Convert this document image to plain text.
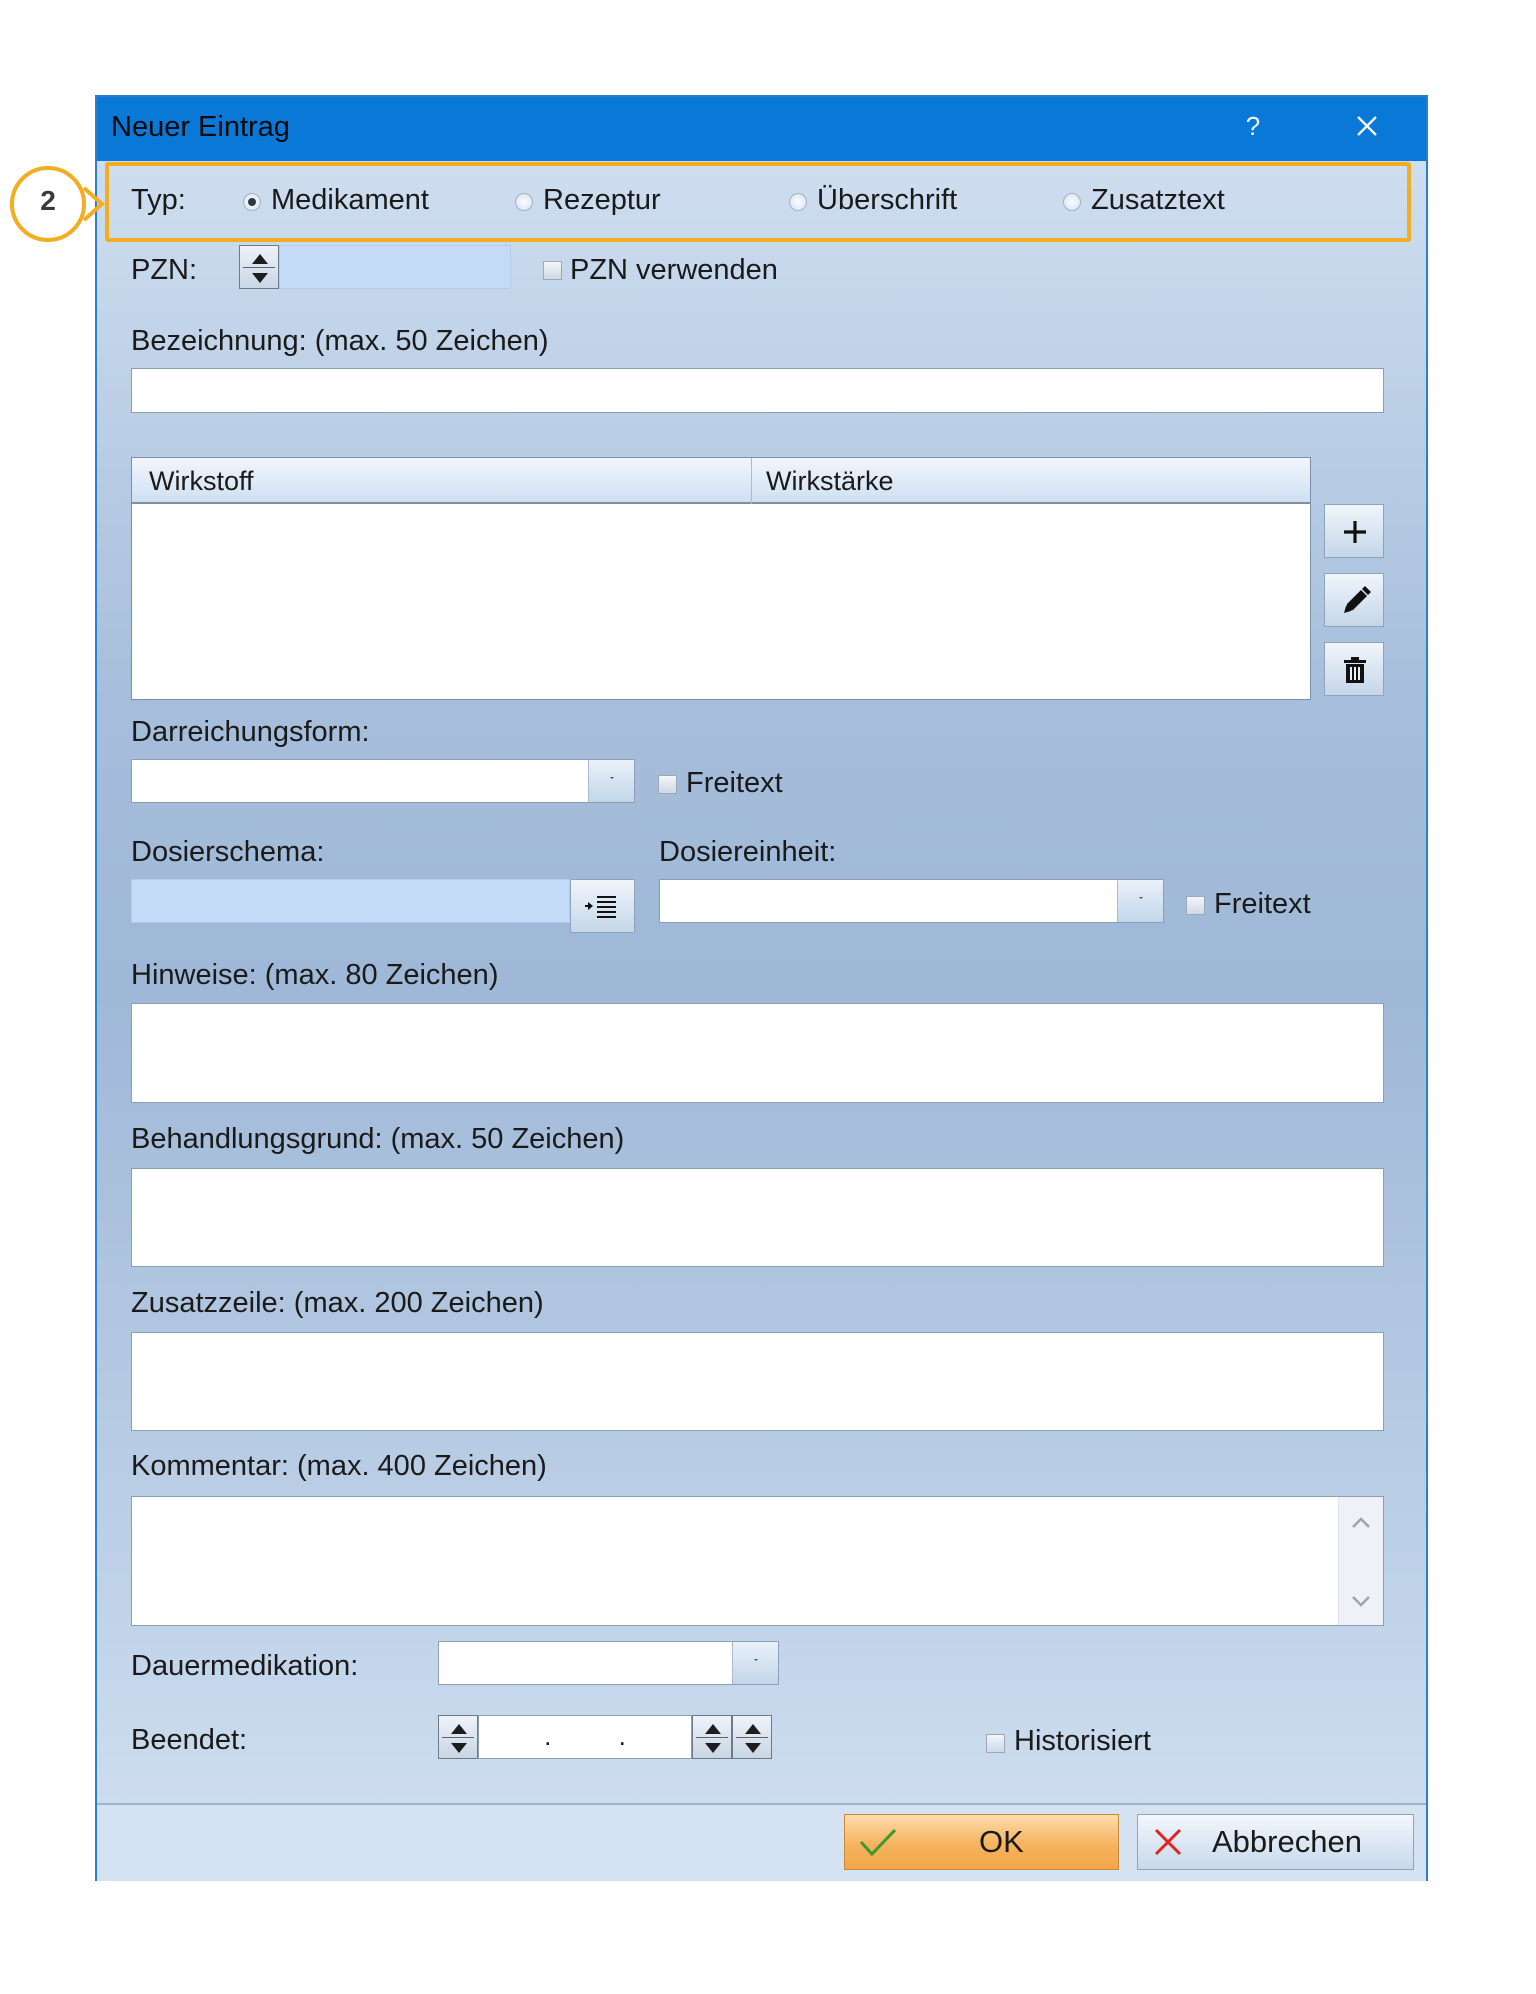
Neuer Eintrag	?
Typ:	Medikament	Rezeptur	Überschrift	Zusatztext
PZN:	PZN verwenden
Bezeichnung: (max. 50 Zeichen)
Wirkstoff	Wirkstärke
Darreichungsform:
Freitext
Dosierschema:	Dosiereinheit:
Freitext
Hinweise: (max. 80 Zeichen)
Behandlungsgrund: (max. 50 Zeichen)
Zusatzzeile: (max. 200 Zeichen)
Kommentar: (max. 400 Zeichen)
Dauermedikation:
Beendet:	. .	Historisiert
OK	Abbrechen
2
